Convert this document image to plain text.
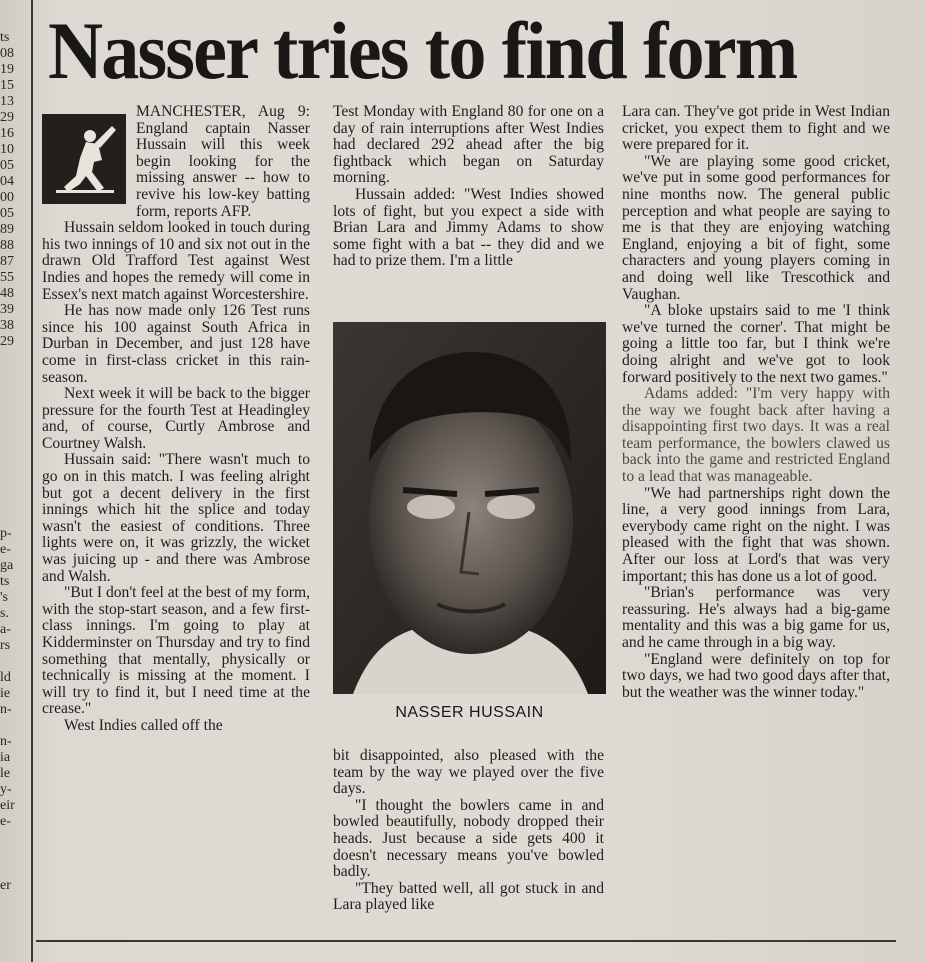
ts
08
19
15
13
29
16
10
05
04
00
05
89
88
87
55
48
39
38
29

p-
e-
ga
ts
's
s.
a-
rs

ld
ie
n-

n-
ia
le
y-
eir
e-

er
Nasser tries to find form

MANCHESTER, Aug 9: England captain Nasser Hussain will this week begin looking for the missing answer -- how to revive his low-key batting form, reports AFP.

Hussain seldom looked in touch during his two innings of 10 and six not out in the drawn Old Trafford Test against West Indies and hopes the remedy will come in Essex's next match against Worcestershire.

He has now made only 126 Test runs since his 100 against South Africa in Durban in December, and just 128 have come in first-class cricket in this rain-season.

Next week it will be back to the bigger pressure for the fourth Test at Headingley and, of course, Curtly Ambrose and Courtney Walsh.

Hussain said: "There wasn't much to go on in this match. I was feeling alright but got a decent delivery in the first innings which hit the splice and today wasn't the easiest of conditions. Three lights were on, it was grizzly, the wicket was juicing up - and there was Ambrose and Walsh.

"But I don't feel at the best of my form, with the stop-start season, and a few first-class innings. I'm going to play at Kidderminster on Thursday and try to find something that mentally, physically or technically is missing at the moment. I will try to find it, but I need time at the crease."

West Indies called off the

Test Monday with England 80 for one on a day of rain interruptions after West Indies had declared 292 ahead after the big fightback which began on Saturday morning.

Hussain added: "West Indies showed lots of fight, but you expect a side with Brian Lara and Jimmy Adams to show some fight with a bat -- they did and we had to prize them. I'm a little

NASSER HUSSAIN

bit disappointed, also pleased with the team by the way we played over the five days.

"I thought the bowlers came in and bowled beautifully, nobody dropped their heads. Just because a side gets 400 it doesn't necessary means you've bowled badly.

"They batted well, all got stuck in and Lara played like

Lara can. They've got pride in West Indian cricket, you expect them to fight and we were prepared for it.

"We are playing some good cricket, we've put in some good performances for nine months now. The general public perception and what people are saying to me is that they are enjoying watching England, enjoying a bit of fight, some characters and young players coming in and doing well like Trescothick and Vaughan.

"A bloke upstairs said to me 'I think we've turned the corner'. That might be going a little too far, but I think we're doing alright and we've got to look forward positively to the next two games."

Adams added: "I'm very happy with the way we fought back after having a disappointing first two days. It was a real team performance, the bowlers clawed us back into the game and restricted England to a lead that was manageable.

"We had partnerships right down the line, a very good innings from Lara, everybody came right on the night. I was pleased with the fight that was shown. After our loss at Lord's that was very important; this has done us a lot of good.

"Brian's performance was very reassuring. He's always had a big-game mentality and this was a big game for us, and he came through in a big way.

"England were definitely on top for two days, we had two good days after that, but the weather was the winner today."
